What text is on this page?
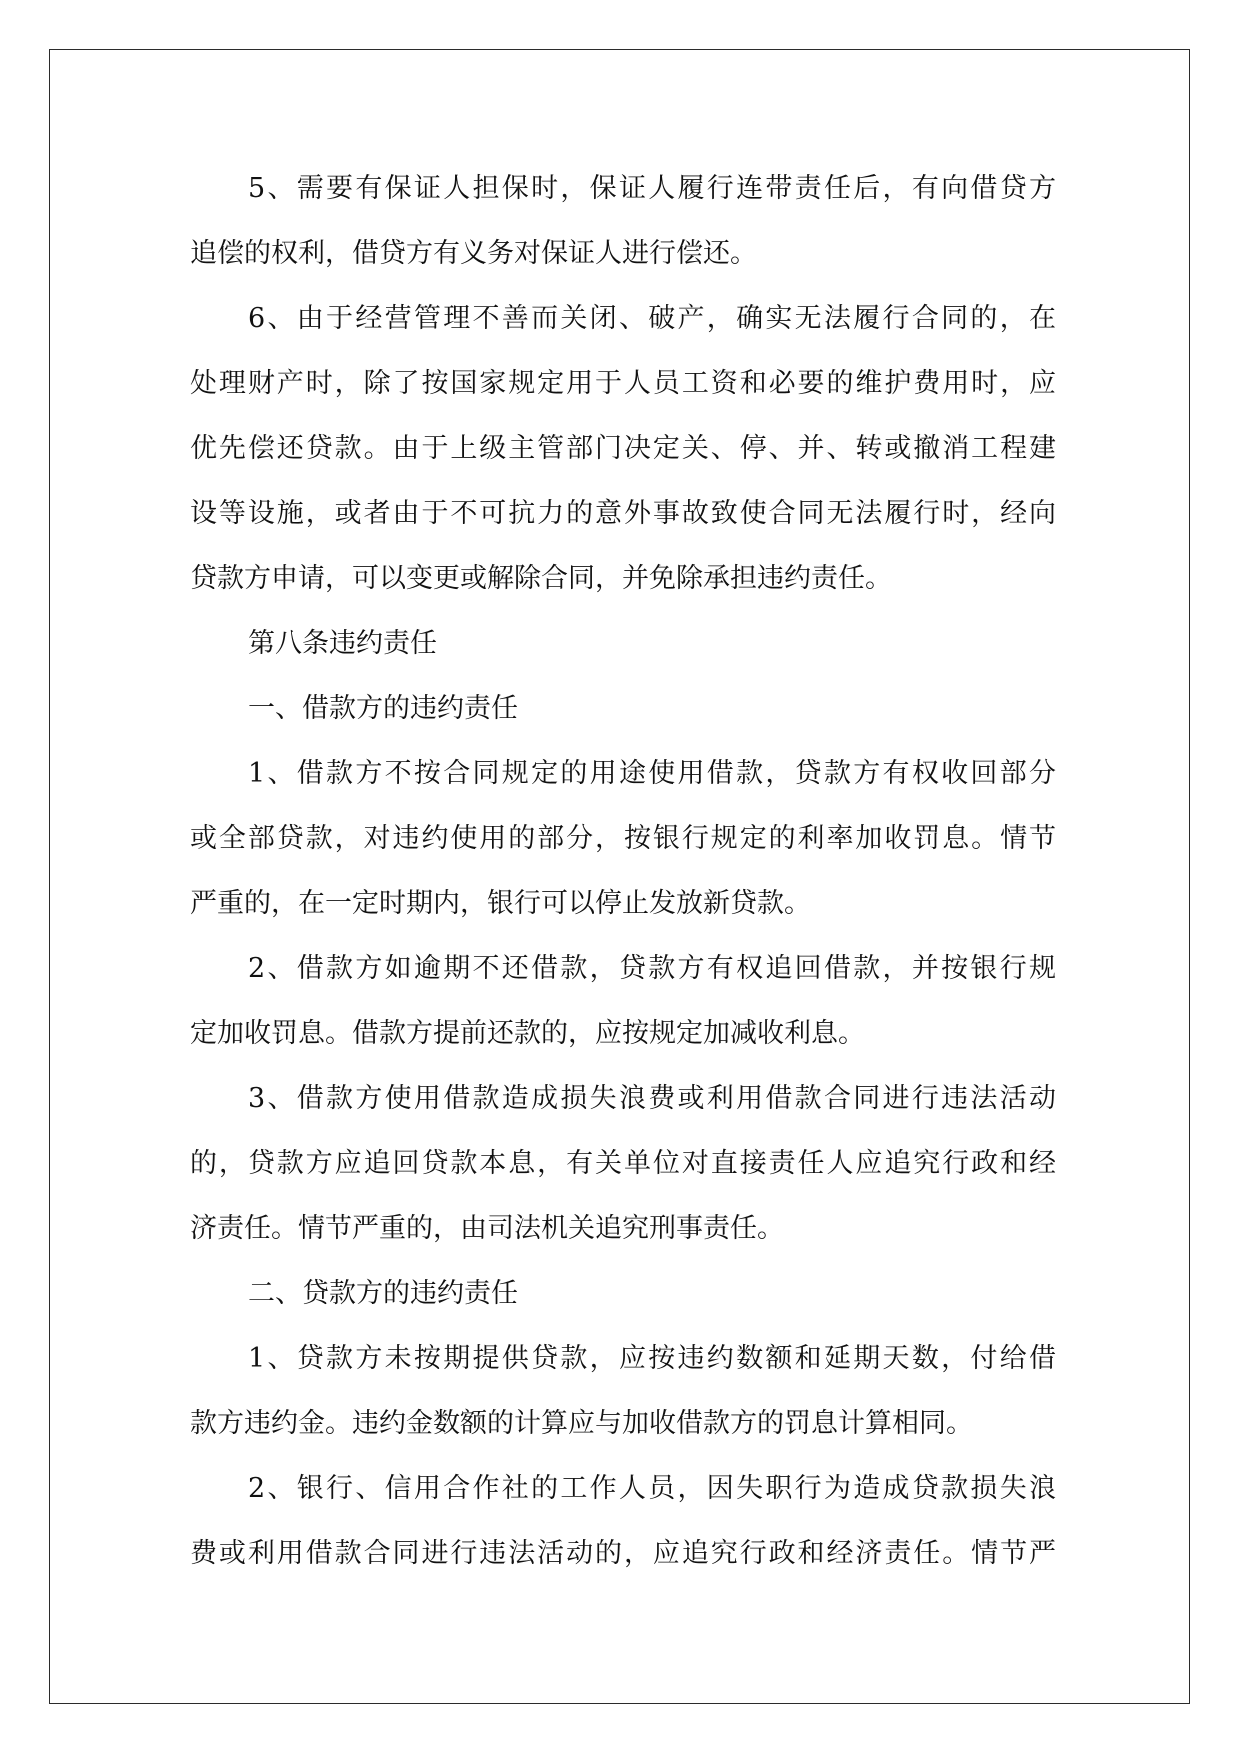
5、需要有保证人担保时，保证人履行连带责任后，有向借贷方
追偿的权利，借贷方有义务对保证人进行偿还。
6、由于经营管理不善而关闭、破产，确实无法履行合同的，在
处理财产时，除了按国家规定用于人员工资和必要的维护费用时，应
优先偿还贷款。由于上级主管部门决定关、停、并、转或撤消工程建
设等设施，或者由于不可抗力的意外事故致使合同无法履行时，经向
贷款方申请，可以变更或解除合同，并免除承担违约责任。
第八条违约责任
一、借款方的违约责任
1、借款方不按合同规定的用途使用借款，贷款方有权收回部分
或全部贷款，对违约使用的部分，按银行规定的利率加收罚息。情节
严重的，在一定时期内，银行可以停止发放新贷款。
2、借款方如逾期不还借款，贷款方有权追回借款，并按银行规
定加收罚息。借款方提前还款的，应按规定加减收利息。
3、借款方使用借款造成损失浪费或利用借款合同进行违法活动
的，贷款方应追回贷款本息，有关单位对直接责任人应追究行政和经
济责任。情节严重的，由司法机关追究刑事责任。
二、贷款方的违约责任
1、贷款方未按期提供贷款，应按违约数额和延期天数，付给借
款方违约金。违约金数额的计算应与加收借款方的罚息计算相同。
2、银行、信用合作社的工作人员，因失职行为造成贷款损失浪
费或利用借款合同进行违法活动的，应追究行政和经济责任。情节严
